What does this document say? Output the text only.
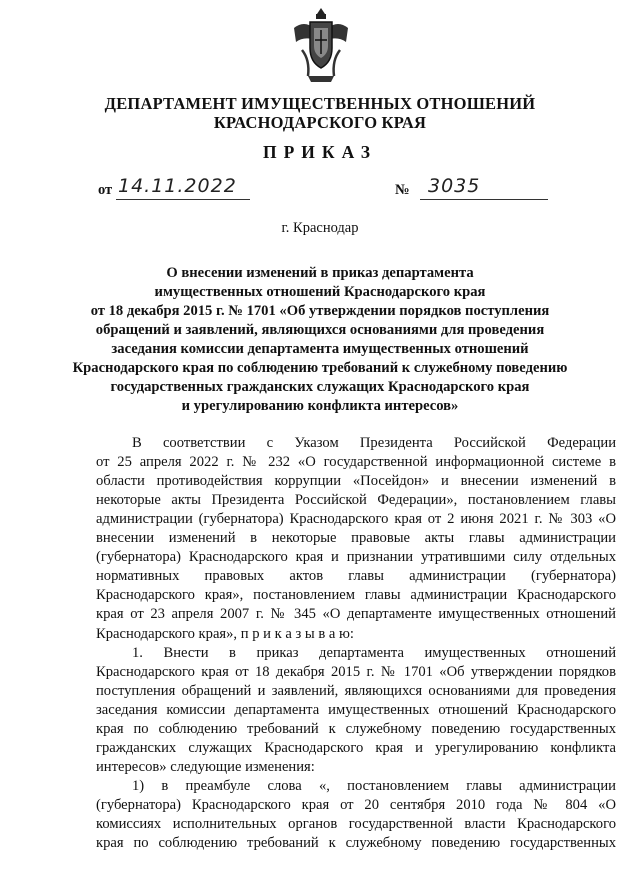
ДЕПАРТАМЕНТ ИМУЩЕСТВЕННЫХ ОТНОШЕНИЙ
КРАСНОДАРСКОГО КРАЯ
ПРИКАЗ
от 14.11.2022	№ 3035
г. Краснодар
О внесении изменений в приказ департамента
имущественных отношений Краснодарского края
от 18 декабря 2015 г. № 1701 «Об утверждении порядков поступления
обращений и заявлений, являющихся основаниями для проведения
заседания комиссии департамента имущественных отношений
Краснодарского края по соблюдению требований к служебному поведению
государственных гражданских служащих Краснодарского края
и урегулированию конфликта интересов»
В соответствии с Указом Президента Российской Федерации
от 25 апреля 2022 г. № 232 «О государственной информационной системе в
области противодействия коррупции «Посейдон» и внесении изменений в
некоторые акты Президента Российской Федерации», постановлением главы
администрации (губернатора) Краснодарского края от 2 июня 2021 г. № 303 «О
внесении изменений в некоторые правовые акты главы администрации
(губернатора) Краснодарского края и признании утратившими силу отдельных
нормативных правовых актов главы администрации (губернатора)
Краснодарского края», постановлением главы администрации Краснодарского
края от 23 апреля 2007 г. № 345 «О департаменте имущественных отношений
Краснодарского края», п р и к а з ы в а ю:
1. Внести в приказ департамента имущественных отношений
Краснодарского края от 18 декабря 2015 г. № 1701 «Об утверждении порядков
поступления обращений и заявлений, являющихся основаниями для проведения
заседания комиссии департамента имущественных отношений Краснодарского
края по соблюдению требований к служебному поведению государственных
гражданских служащих Краснодарского края и урегулированию конфликта
интересов» следующие изменения:
1) в преамбуле слова «, постановлением главы администрации
(губернатора) Краснодарского края от 20 сентября 2010 года № 804 «О
комиссиях исполнительных органов государственной власти Краснодарского
края по соблюдению требований к служебному поведению государственных
